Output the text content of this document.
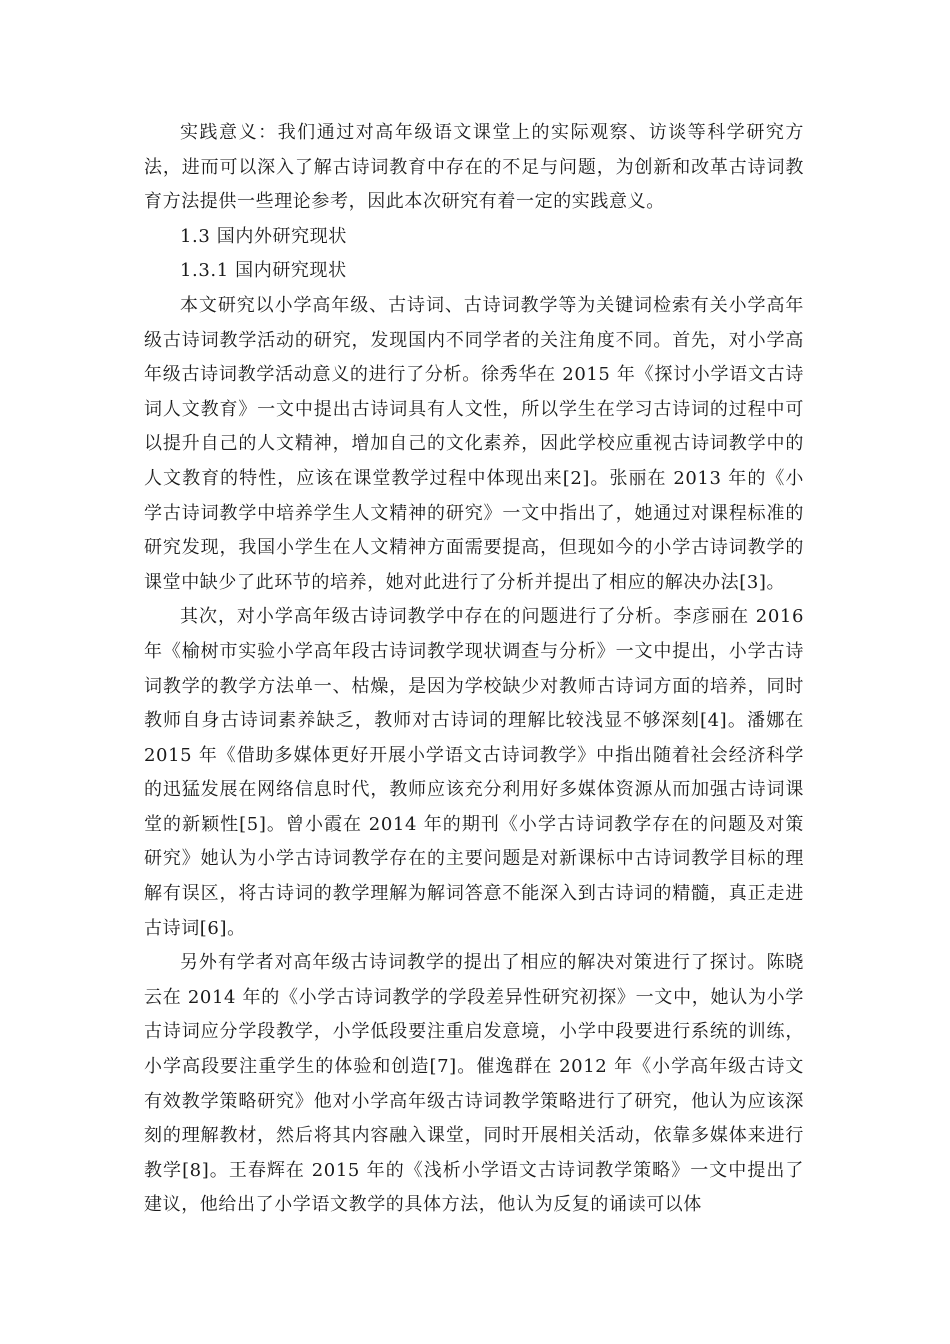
实践意义：我们通过对高年级语文课堂上的实际观察、访谈等科学研究方法，进而可以深入了解古诗词教育中存在的不足与问题，为创新和改革古诗词教育方法提供一些理论参考，因此本次研究有着一定的实践意义。

1.3 国内外研究现状

1.3.1 国内研究现状

本文研究以小学高年级、古诗词、古诗词教学等为关键词检索有关小学高年级古诗词教学活动的研究，发现国内不同学者的关注角度不同。首先，对小学高年级古诗词教学活动意义的进行了分析。徐秀华在 2015 年《探讨小学语文古诗词人文教育》一文中提出古诗词具有人文性，所以学生在学习古诗词的过程中可以提升自己的人文精神，增加自己的文化素养，因此学校应重视古诗词教学中的人文教育的特性，应该在课堂教学过程中体现出来[2]。张丽在 2013 年的《小学古诗词教学中培养学生人文精神的研究》一文中指出了，她通过对课程标准的 研究发现，我国小学生在人文精神方面需要提高，但现如今的小学古诗词教学的课堂中缺少了此环节的培养，她对此进行了分析并提出了相应的解决办法[3]。

其次，对小学高年级古诗词教学中存在的问题进行了分析。李彦丽在 2016 年《榆树市实验小学高年段古诗词教学现状调查与分析》一文中提出，小学古诗词教学的教学方法单一、枯燥，是因为学校缺少对教师古诗词方面的培养，同时教师自身古诗词素养缺乏，教师对古诗词的理解比较浅显不够深刻[4]。潘娜在 2015 年《借助多媒体更好开展小学语文古诗词教学》中指出随着社会经济科学的迅猛发展在网络信息时代，教师应该充分利用好多媒体资源从而加强古诗词课堂的新颖性[5]。曾小霞在 2014 年的期刊《小学古诗词教学存在的问题及对策研究》她认为小学古诗词教学存在的主要问题是对新课标中古诗词教学目标的理解有误区，将古诗词的教学理解为解词答意不能深入到古诗词的精髓，真正走进古诗词[6]。

另外有学者对高年级古诗词教学的提出了相应的解决对策进行了探讨。陈晓云在 2014 年的《小学古诗词教学的学段差异性研究初探》一文中，她认为小学古诗词应分学段教学，小学低段要注重启发意境，小学中段要进行系统的训练，小学高段要注重学生的体验和创造[7]。催逸群在 2012 年《小学高年级古诗文有效教学策略研究》他对小学高年级古诗词教学策略进行了研究，他认为应该深刻的理解教材，然后将其内容融入课堂，同时开展相关活动，依靠多媒体来进行教学[8]。王春辉在 2015 年的《浅析小学语文古诗词教学策略》一文中提出了建议，他给出了小学语文教学的具体方法，他认为反复的诵读可以体
